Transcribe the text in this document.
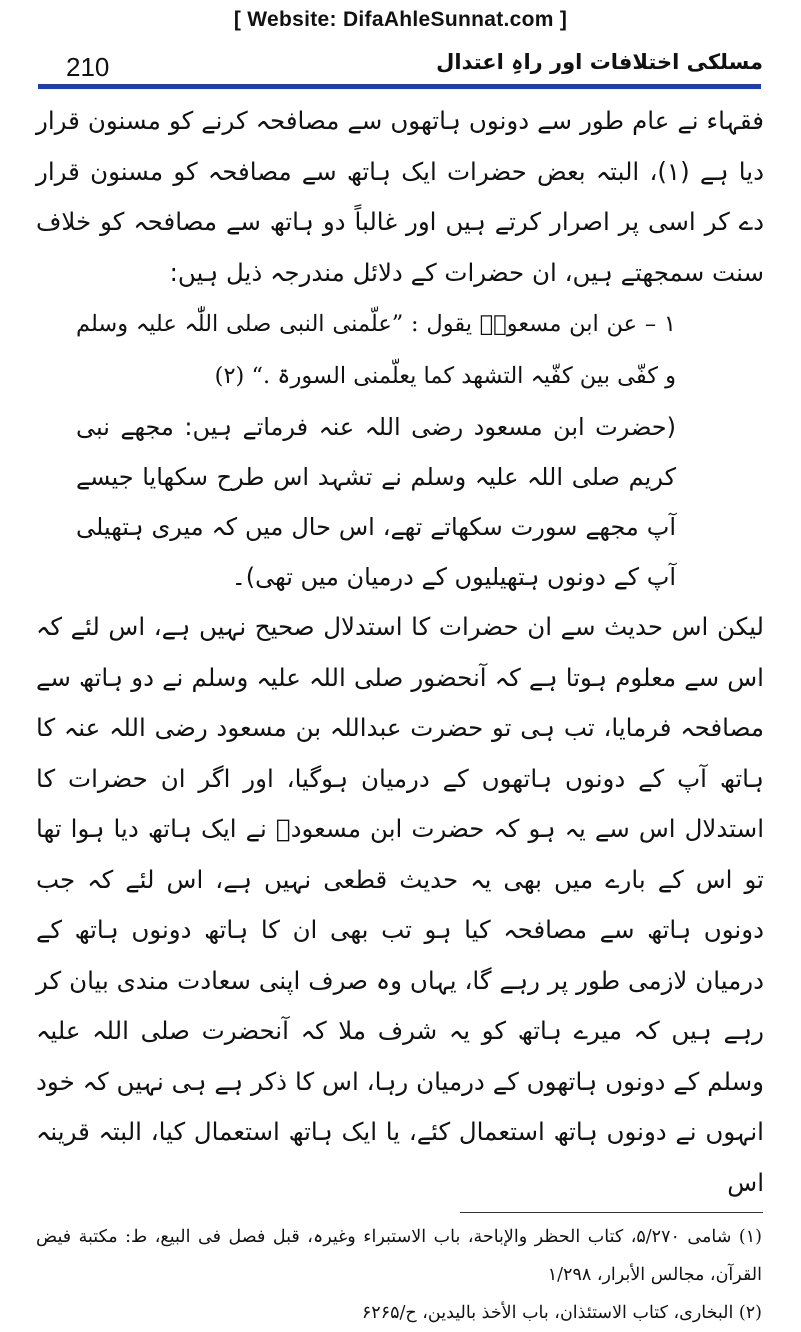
[ Website: DifaAhleSunnat.com ]
210	مسلکی اختلافات اور راہِ اعتدال

فقہاء نے عام طور سے دونوں ہاتھوں سے مصافحہ کرنے کو مسنون قرار دیا ہے (۱)، البتہ بعض حضرات ایک ہاتھ سے مصافحہ کو مسنون قرار دے کر اسی پر اصرار کرتے ہیں اور غالباً دو ہاتھ سے مصافحہ کو خلاف سنت سمجھتے ہیں، ان حضرات کے دلائل مندرجہ ذیل ہیں:

۱ – عن ابن مسعودؓ يقول : ”علّمنی النبی صلی اللّٰہ علیہ وسلم و کفّی بین کفّیہ التشھد کما یعلّمنی السورۃ .“ (۲)

(حضرت ابن مسعود رضی اللہ عنہ فرماتے ہیں: مجھے نبی کریم صلی اللہ علیہ وسلم نے تشہد اس طرح سکھایا جیسے آپ مجھے سورت سکھاتے تھے، اس حال میں کہ میری ہتھیلی آپ کے دونوں ہتھیلیوں کے درمیان میں تھی)۔

لیکن اس حدیث سے ان حضرات کا استدلال صحیح نہیں ہے، اس لئے کہ اس سے معلوم ہوتا ہے کہ آنحضور صلی اللہ علیہ وسلم نے دو ہاتھ سے مصافحہ فرمایا، تب ہی تو حضرت عبداللہ بن مسعود رضی اللہ عنہ کا ہاتھ آپ کے دونوں ہاتھوں کے درمیان ہوگیا، اور اگر ان حضرات کا استدلال اس سے یہ ہو کہ حضرت ابن مسعودؓ نے ایک ہاتھ دیا ہوا تھا تو اس کے بارے میں بھی یہ حدیث قطعی نہیں ہے، اس لئے کہ جب دونوں ہاتھ سے مصافحہ کیا ہو تب بھی ان کا ہاتھ دونوں ہاتھ کے درمیان لازمی طور پر رہے گا، یہاں وہ صرف اپنی سعادت مندی بیان کر رہے ہیں کہ میرے ہاتھ کو یہ شرف ملا کہ آنحضرت صلی اللہ علیہ وسلم کے دونوں ہاتھوں کے درمیان رہا، اس کا ذکر ہے ہی نہیں کہ خود انہوں نے دونوں ہاتھ استعمال کئے، یا ایک ہاتھ استعمال کیا، البتہ قرینہ اس

(۱) شامی ۵/۲۷۰، کتاب الحظر والإباحة، باب الاستبراء وغیرہ، قبل فصل فی البیع، ط: مکتبة فیض القرآن، مجالس الأبرار، ۱/۲۹۸

(۲) البخاری، کتاب الاستئذان، باب الأخذ بالیدین، ح/۶۲۶۵
